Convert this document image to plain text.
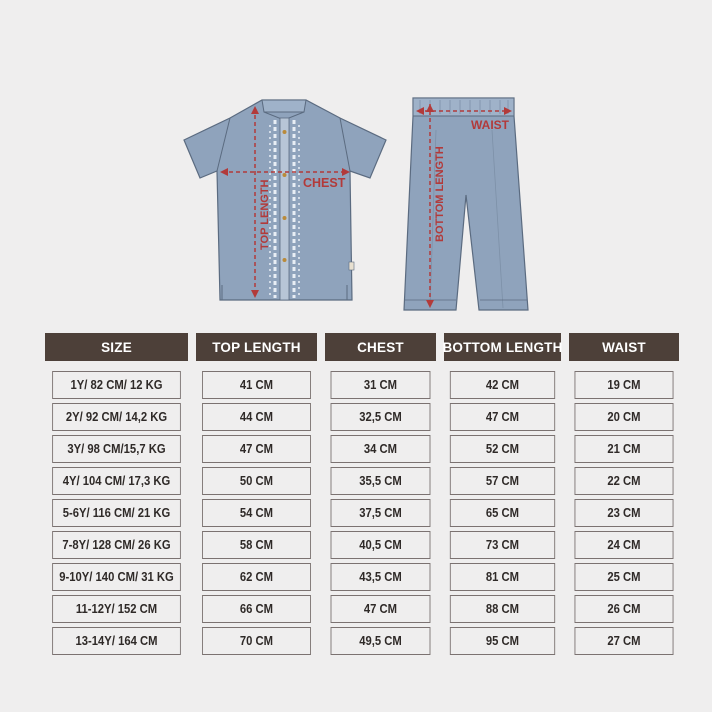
CHEST
TOP LENGTH
WAIST
BOTTOM LENGTH
SIZE	TOP LENGTH	CHEST	BOTTOM LENGTH	WAIST
1Y/ 82 CM/ 12 KG	41 CM	31 CM	42 CM	19 CM
2Y/ 92 CM/ 14,2 KG	44 CM	32,5 CM	47 CM	20 CM
3Y/ 98 CM/15,7 KG	47 CM	34 CM	52 CM	21 CM
4Y/ 104 CM/ 17,3 KG	50 CM	35,5 CM	57 CM	22 CM
5-6Y/ 116 CM/ 21 KG	54 CM	37,5 CM	65 CM	23 CM
7-8Y/ 128 CM/ 26 KG	58 CM	40,5 CM	73 CM	24 CM
9-10Y/ 140 CM/ 31 KG	62 CM	43,5 CM	81 CM	25 CM
11-12Y/ 152 CM	66 CM	47 CM	88 CM	26 CM
13-14Y/ 164 CM	70 CM	49,5 CM	95 CM	27 CM
